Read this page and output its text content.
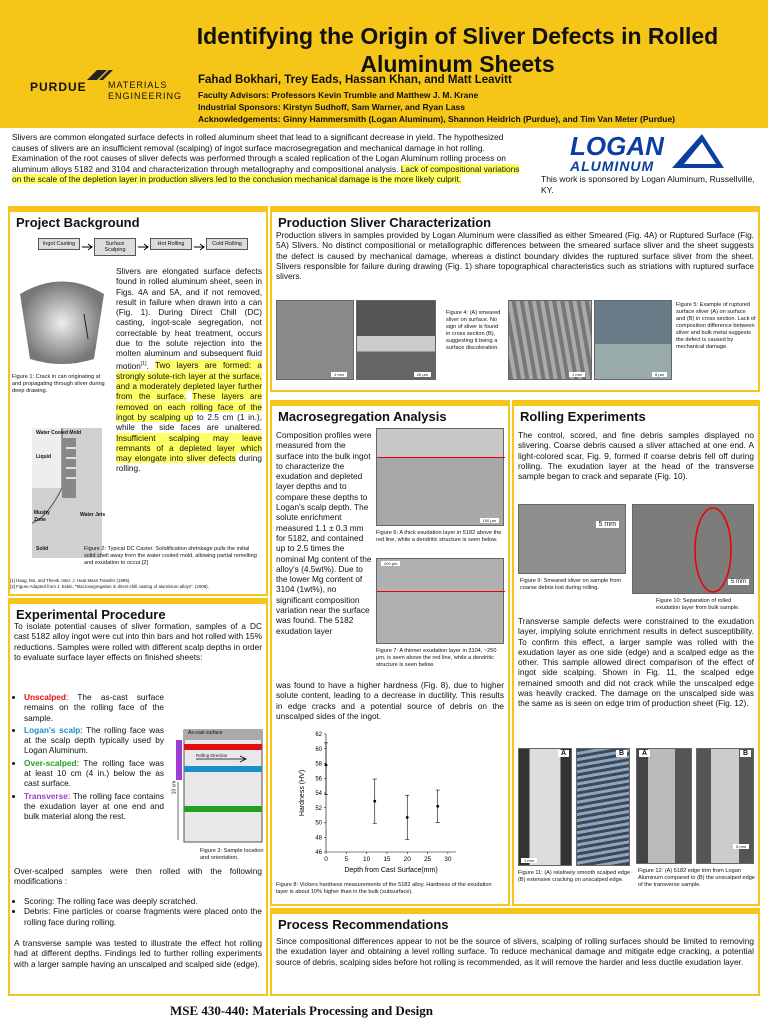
Identifying the Origin of Sliver Defects in Rolled Aluminum Sheets
PURDUE MATERIALS
ENGINEERING
Fahad Bokhari, Trey Eads, Hassan Khan, and Matt Leavitt
Faculty Advisors: Professors Kevin Trumble and Matthew J. M. Krane
Industrial Sponsors: Kirstyn Sudhoff, Sam Warner, and Ryan Lass
Acknowledgements: Ginny Hammersmith (Logan Aluminum), Shannon Heidrich (Purdue), and Tim Van Meter (Purdue)
Slivers are common elongated surface defects in rolled aluminum sheet that lead to a significant decrease in yield. The hypothesized causes of slivers are an insufficient removal (scalping) of ingot surface macrosegregation and mechanical damage in hot rolling. Examination of the root causes of sliver defects was performed through a scaled replication of the Logan Aluminum rolling process on aluminum alloys 5182 and 3104 and characterization through metallography and compositional analysis. Lack of compositional variations on the scale of the depletion layer in production slivers led to the conclusion mechanical damage is the more likely culprit.
LOGAN
ALUMINUM
This work is sponsored by Logan Aluminum, Russellville, KY.
Project Background
Ingot Casting	Surface Scalping
Hot Rolling	Cold Rolling
Figure 1: Crack in can originating at and propagating through sliver during deep drawing.
Slivers are elongated surface defects found in rolled aluminum sheet, seen in Figs. 4A and 5A, and if not removed, result in failure when drawn into a can (Fig. 1). During Direct Chill (DC) casting, ingot-scale segregation, not correctable by heat treatment, occurs due to the solute rejection into the molten aluminum and subsequent fluid motion[1]. Two layers are formed: a strongly solute-rich layer at the surface, and a moderately depleted layer further from the surface. These layers are removed on each rolling face of the ingot by scalping up to 2.5 cm (1 in.), while the side faces are unaltered. Insufficient scalping may leave remnants of a depleted layer which may elongate into sliver defects during rolling.
Water Cooled Mold
Liquid
Mushy Zone
Water Jets
Solid	Figure 2: Typical DC Caster. Solidification shrinkage pulls the initial solid shell away from the water cooled mold, allowing partial remelting and exudation to occur.[2]
[1] Haug, Mo, and Thevik. Inter. J. Heat Mass Transfer (1995).
[2] Figure Adapted from J. Eskin, "Macrosegregation in direct-chill casting of aluminium alloys". (2008).
Experimental Procedure
To isolate potential causes of sliver formation, samples of a DC cast 5182 alloy ingot were cut into thin bars and hot rolled with 15% reductions. Samples were rolled with different scalp depths in order to evaluate surface layer effects on finished sheets:
• Unscalped: The as-cast surface remains on the rolling face of the sample.
• Logan's scalp: The rolling face was at the scalp depth typically used by Logan Aluminum.
• Over-scalped: The rolling face was at least 10 cm (4 in.) below the as cast surface.
• Transverse: The rolling face contains the exudation layer at one end and bulk material along the rest.
As-cast surface
Rolling Direction
10 cm
Figure 3: Sample location and orientation.
Over-scalped samples were then rolled with the following modifications :
• Scoring: The rolling face was deeply scratched.
• Debris: Fine particles or coarse fragments were placed onto the rolling face during rolling.
A transverse sample was tested to illustrate the effect hot rolling had at different depths. Findings led to further rolling experiments with a larger sample having an unscalped and scalped side (edge).
Production Sliver Characterization
Production slivers in samples provided by Logan Aluminum were classified as either Smeared (Fig. 4A) or Ruptured Surface (Fig. 5A) Slivers. No distinct compositional or metallographic differences between the smeared surface sliver and the sheet suggests the defect is caused by mechanical damage, whereas a distinct boundary divides the ruptured surface sliver from the sheet. Slivers responsible for failure during drawing (Fig. 1) share topographical characteristics such as striations with ruptured surface slivers.
1 mm	20 μm
Figure 4: (A) smeared sliver on surface. No sign of sliver is found in cross section (B), suggesting it being a surface discoloration.
1 mm	8 μm
Figure 5: Example of ruptured surface sliver (A) on surface and (B) in cross section. Lack of composition difference between sliver and bulk metal suggests the defect is caused by mechanical damage.
Macrosegregation Analysis
Composition profiles were measured from the surface into the bulk ingot to characterize the exudation and depleted layer depths and to compare these depths to Logan's scalp depth. The solute enrichment measured 1.1 ± 0.3 mm for 5182, and contained up to 2.5 times the nominal Mg content of the alloy's (4.5wt%). Due to the lower Mg content of 3104 (1wt%), no significant composition variation near the surface was found. The 5182 exudation layer
100 μm
Figure 6: A thick exudation layer in 5182 above the red line, while a dendritic structure is seen below.
200 μm
Figure 7: A thinner exudation layer in 3104, ~250 μm, is seen above the red line, while a dendritic structure is seen below.
was found to have a higher hardness (Fig. 8), due to higher solute content, leading to a decrease in ductility. This results in edge cracks and a potential source of debris on the unscalped sides of the ingot.
0	5 10 15 20 25 30
46
48
50
52
54
56
58
60
62
Depth from Cast Surface(mm)
Hardness (HV)
Figure 8: Vickers hardness measurements of the 5182 alloy. Hardness of the exudation layer is about 10% higher than in the bulk (subsurface).
Rolling Experiments
The control, scored, and fine debris samples displayed no slivering. Coarse debris caused a sliver attached at one end. A light-colored scar, Fig. 9, formed if coarse debris fell off during rolling. The exudation layer at the head of the transverse sample began to crack and separate (Fig. 10).
5 mm
Figure 9: Smeared sliver on sample from coarse debris lost during rolling.
5 mm
Figure 10: Separation of rolled exudation layer from bulk sample.
Transverse sample defects were constrained to the exudation layer, implying solute enrichment results in defect susceptibility. To confirm this effect, a larger sample was rolled with the exudation layer as one side (edge) and a scalped edge as the other. This sample allowed direct comparison of the effect of ingot side scalping. Shown in Fig. 11, the scalped edge remained smooth and did not crack while the unscalped edge was heavily cracked. The damage on the unscalped side was the same as is seen on edge trim of production sheet (Fig. 12).
A
1 mm
B
Figure 11: (A) relatively smooth scalped edge (B) extensive cracking on unscalped edge.
A	B
5 mm
Figure 12: (A) 5182 edge trim from Logan Aluminum compared to (B) the unscalped edge of the transverse sample.
Process Recommendations
Since compositional differences appear to not be the source of slivers, scalping of rolling surfaces should be limited to removing the exudation layer and obtaining a level rolling surface. To reduce mechanical damage and mitigate edge cracking, a potential source of debris, scalping sides before hot rolling is recommended, as it will remove the harder and less ductile exudation layer.
MSE 430-440: Materials Processing and Design
